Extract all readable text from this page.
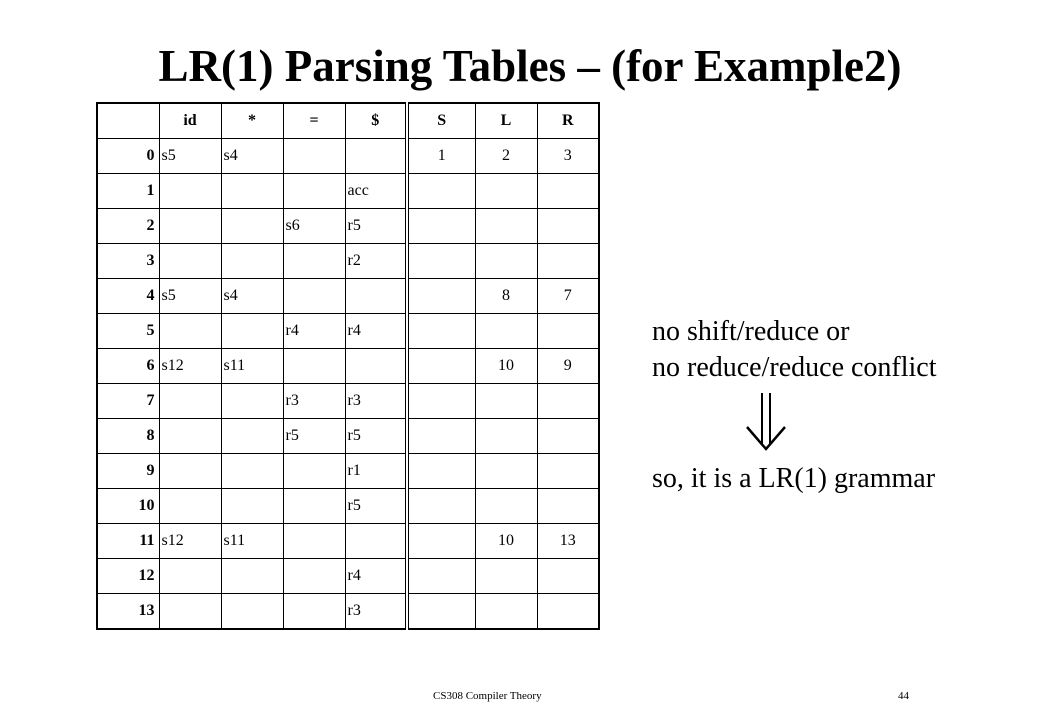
LR(1) Parsing Tables – (for Example2)
	id	*	=	$	S	L	R
0	s5	s4			1	2	3
1				acc			
2			s6	r5			
3				r2			
4	s5	s4				8	7
5			r4	r4			
6	s12	s11				10	9
7			r3	r3			
8			r5	r5			
9				r1			
10				r5			
11	s12	s11				10	13
12				r4			
13				r3			
no shift/reduce or
no reduce/reduce conflict
so, it is a LR(1) grammar
CS308 Compiler Theory	44
